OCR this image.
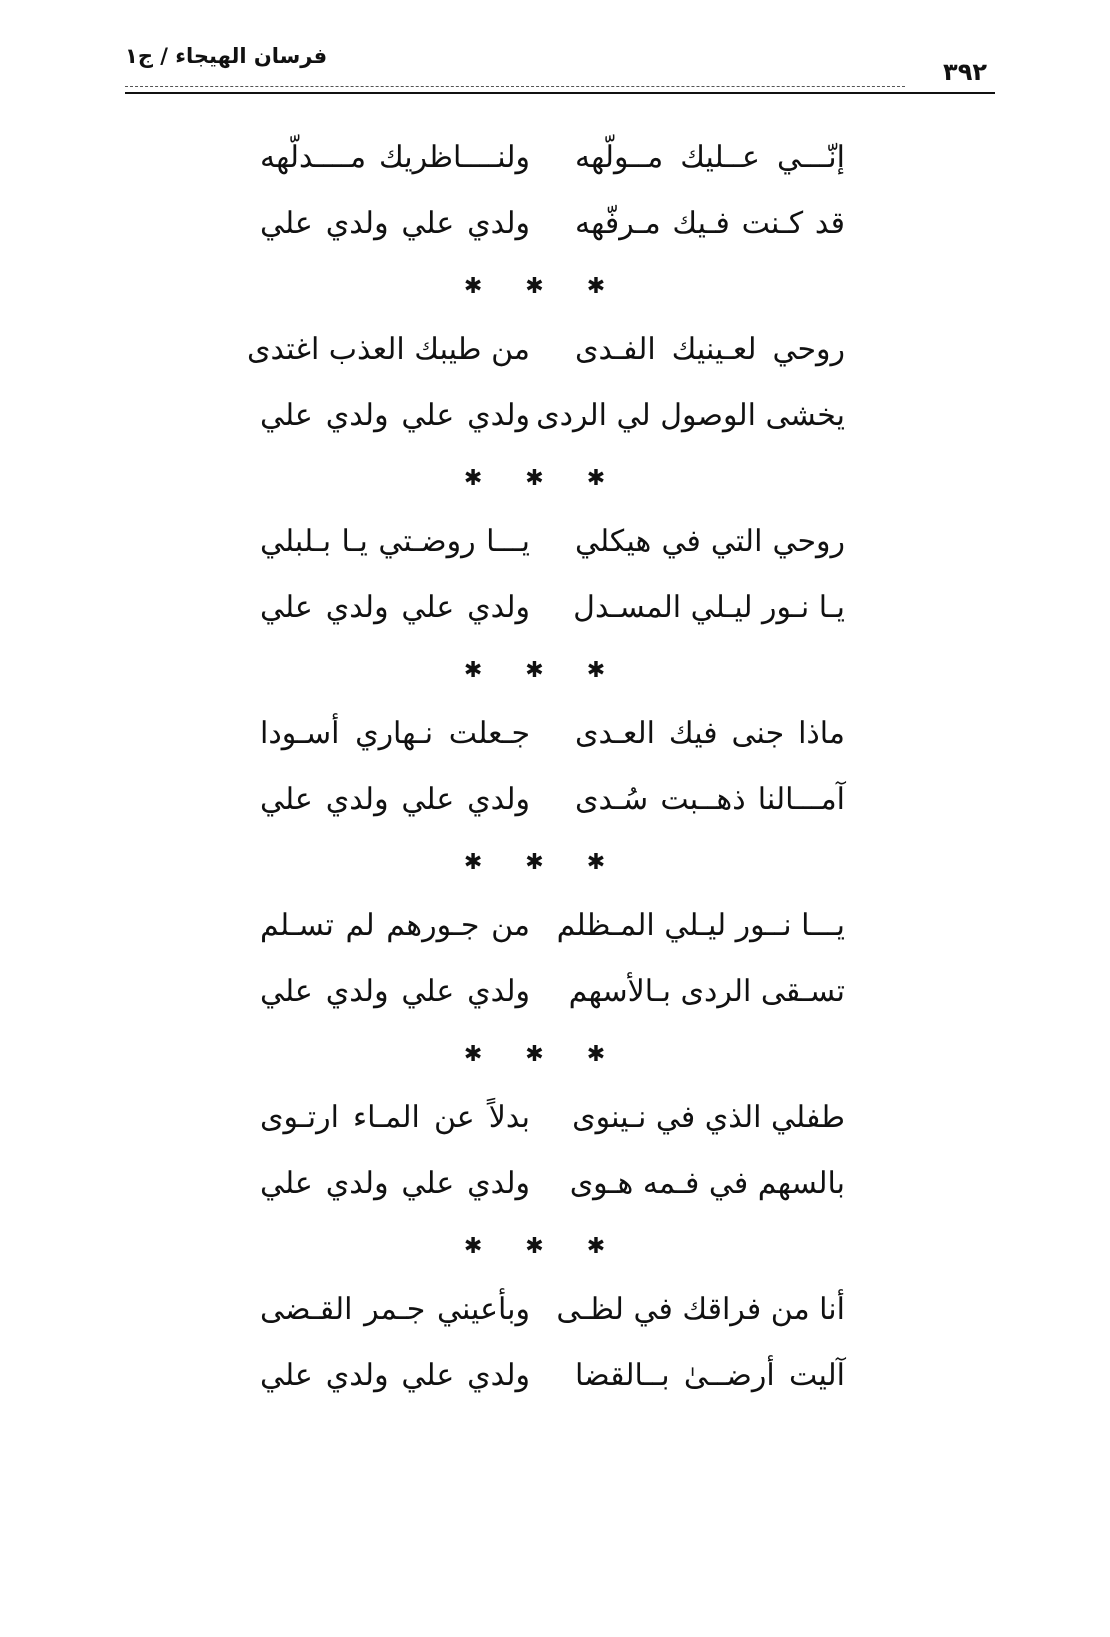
فرسان الهيجاء / ج١
٣٩٢
إنّـــي عــليك مــولّهه
ولنــــاظريك مــــدلّهه
قد كـنت فـيك مـرفّهه
ولدي علي ولدي علي
✱ ✱ ✱
روحي لعـينيك الفـدى
من طيبك العذب اغتدى
يخشى الوصول لي الردى
ولدي علي ولدي علي
✱ ✱ ✱
روحي التي في هيكلي
يـــا روضـتي يـا بـلبلي
يـا نـور ليـلي المسـدل
ولدي علي ولدي علي
✱ ✱ ✱
ماذا جنى فيك العـدى
جـعلت نـهاري أسـودا
آمـــالنا ذهــبت سُـدى
ولدي علي ولدي علي
✱ ✱ ✱
يـــا نــور ليـلي المـظلم
من جـورهم لم تسـلم
تسـقى الردى بـالأسهم
ولدي علي ولدي علي
✱ ✱ ✱
طفلي الذي في نـينوى
بدلاً عن المـاء ارتـوى
بالسهم في فـمه هـوى
ولدي علي ولدي علي
✱ ✱ ✱
أنا من فراقك في لظـى
وبأعيني جـمر القـضى
آليت أرضــىٰ بــالقضا
ولدي علي ولدي علي
